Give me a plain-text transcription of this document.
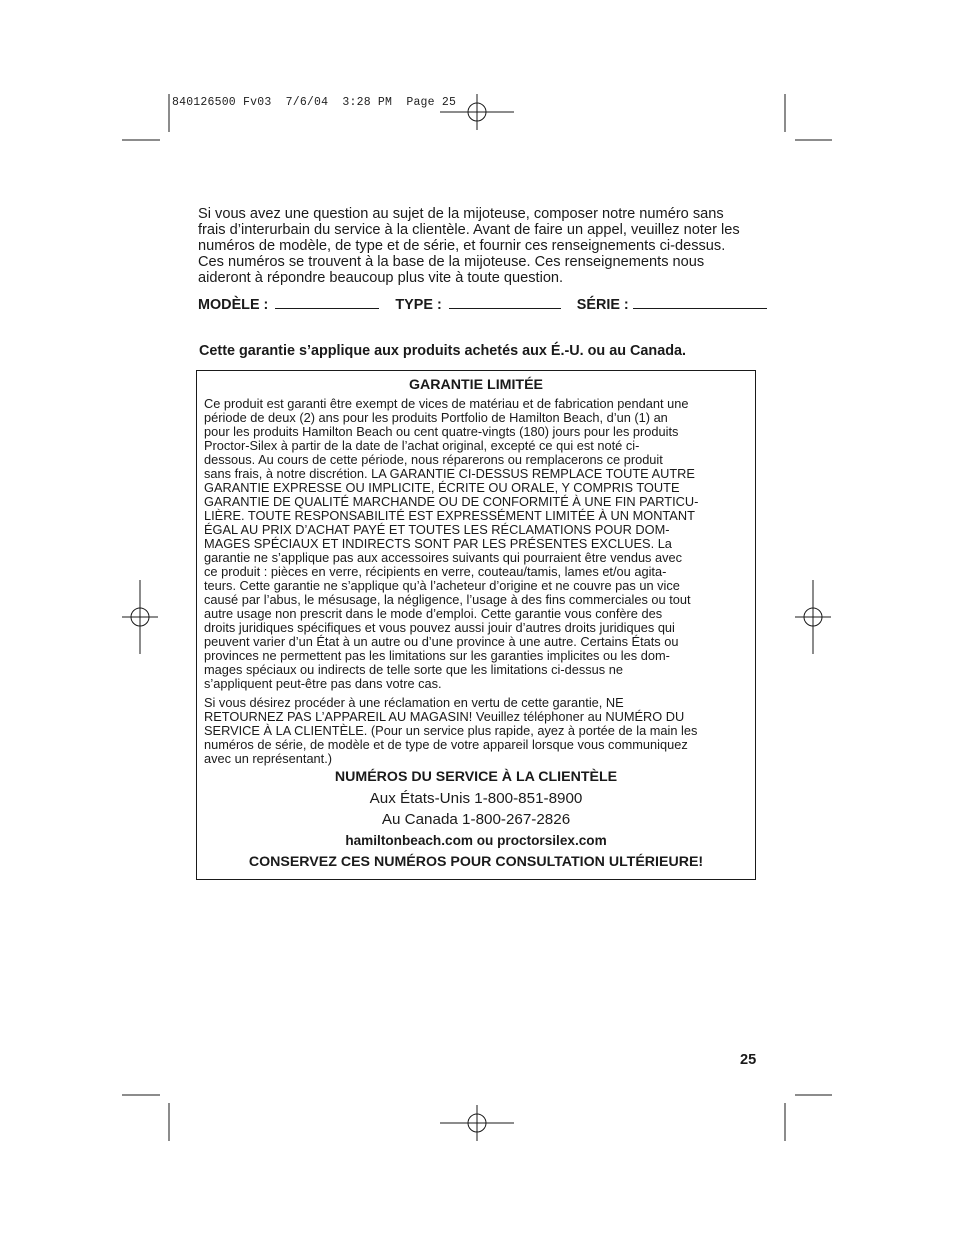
840126500 Fv03  7/6/04  3:28 PM  Page 25

Si vous avez une question au sujet de la mijoteuse, composer notre numéro sans
frais d’interurbain du service à la clientèle. Avant de faire un appel, veuillez noter les
numéros de modèle, de type et de série, et fournir ces renseignements ci-dessus.
Ces numéros se trouvent à la base de la mijoteuse. Ces renseignements nous
aideront à répondre beaucoup plus vite à toute question.

MODÈLE :	TYPE :	SÉRIE :

Cette garantie s’applique aux produits achetés aux É.-U. ou au Canada.

GARANTIE LIMITÉE

Ce produit est garanti être exempt de vices de matériau et de fabrication pendant une
période de deux (2) ans pour les produits Portfolio de Hamilton Beach, d’un (1) an
pour les produits Hamilton Beach ou cent quatre-vingts (180) jours pour les produits
Proctor-Silex à partir de la date de l’achat original, excepté ce qui est noté ci-
dessous. Au cours de cette période, nous réparerons ou remplacerons ce produit
sans frais, à notre discrétion. LA GARANTIE CI-DESSUS REMPLACE TOUTE AUTRE
GARANTIE EXPRESSE OU IMPLICITE, ÉCRITE OU ORALE, Y COMPRIS TOUTE
GARANTIE DE QUALITÉ MARCHANDE OU DE CONFORMITÉ À UNE FIN PARTICU-
LIÈRE. TOUTE RESPONSABILITÉ EST EXPRESSÉMENT LIMITÉE À UN MONTANT
ÉGAL AU PRIX D’ACHAT PAYÉ ET TOUTES LES RÉCLAMATIONS POUR DOM-
MAGES SPÉCIAUX ET INDIRECTS SONT PAR LES PRÉSENTES EXCLUES. La
garantie ne s’applique pas aux accessoires suivants qui pourraient être vendus avec
ce produit : pièces en verre, récipients en verre, couteau/tamis, lames et/ou agita-
teurs. Cette garantie ne s’applique qu’à l’acheteur d’origine et ne couvre pas un vice
causé par l’abus, le mésusage, la négligence, l’usage à des fins commerciales ou tout
autre usage non prescrit dans le mode d’emploi. Cette garantie vous confère des
droits juridiques spécifiques et vous pouvez aussi jouir d’autres droits juridiques qui
peuvent varier d’un État à un autre ou d’une province à une autre. Certains États ou
provinces ne permettent pas les limitations sur les garanties implicites ou les dom-
mages spéciaux ou indirects de telle sorte que les limitations ci-dessus ne
s’appliquent peut-être pas dans votre cas.

Si vous désirez procéder à une réclamation en vertu de cette garantie, NE
RETOURNEZ PAS L’APPAREIL AU MAGASIN! Veuillez téléphoner au NUMÉRO DU
SERVICE À LA CLIENTÈLE. (Pour un service plus rapide, ayez à portée de la main les
numéros de série, de modèle et de type de votre appareil lorsque vous communiquez
avec un représentant.)

NUMÉROS DU SERVICE À LA CLIENTÈLE

Aux États-Unis 1-800-851-8900

Au Canada 1-800-267-2826

hamiltonbeach.com ou proctorsilex.com

CONSERVEZ CES NUMÉROS POUR CONSULTATION ULTÉRIEURE!

25
